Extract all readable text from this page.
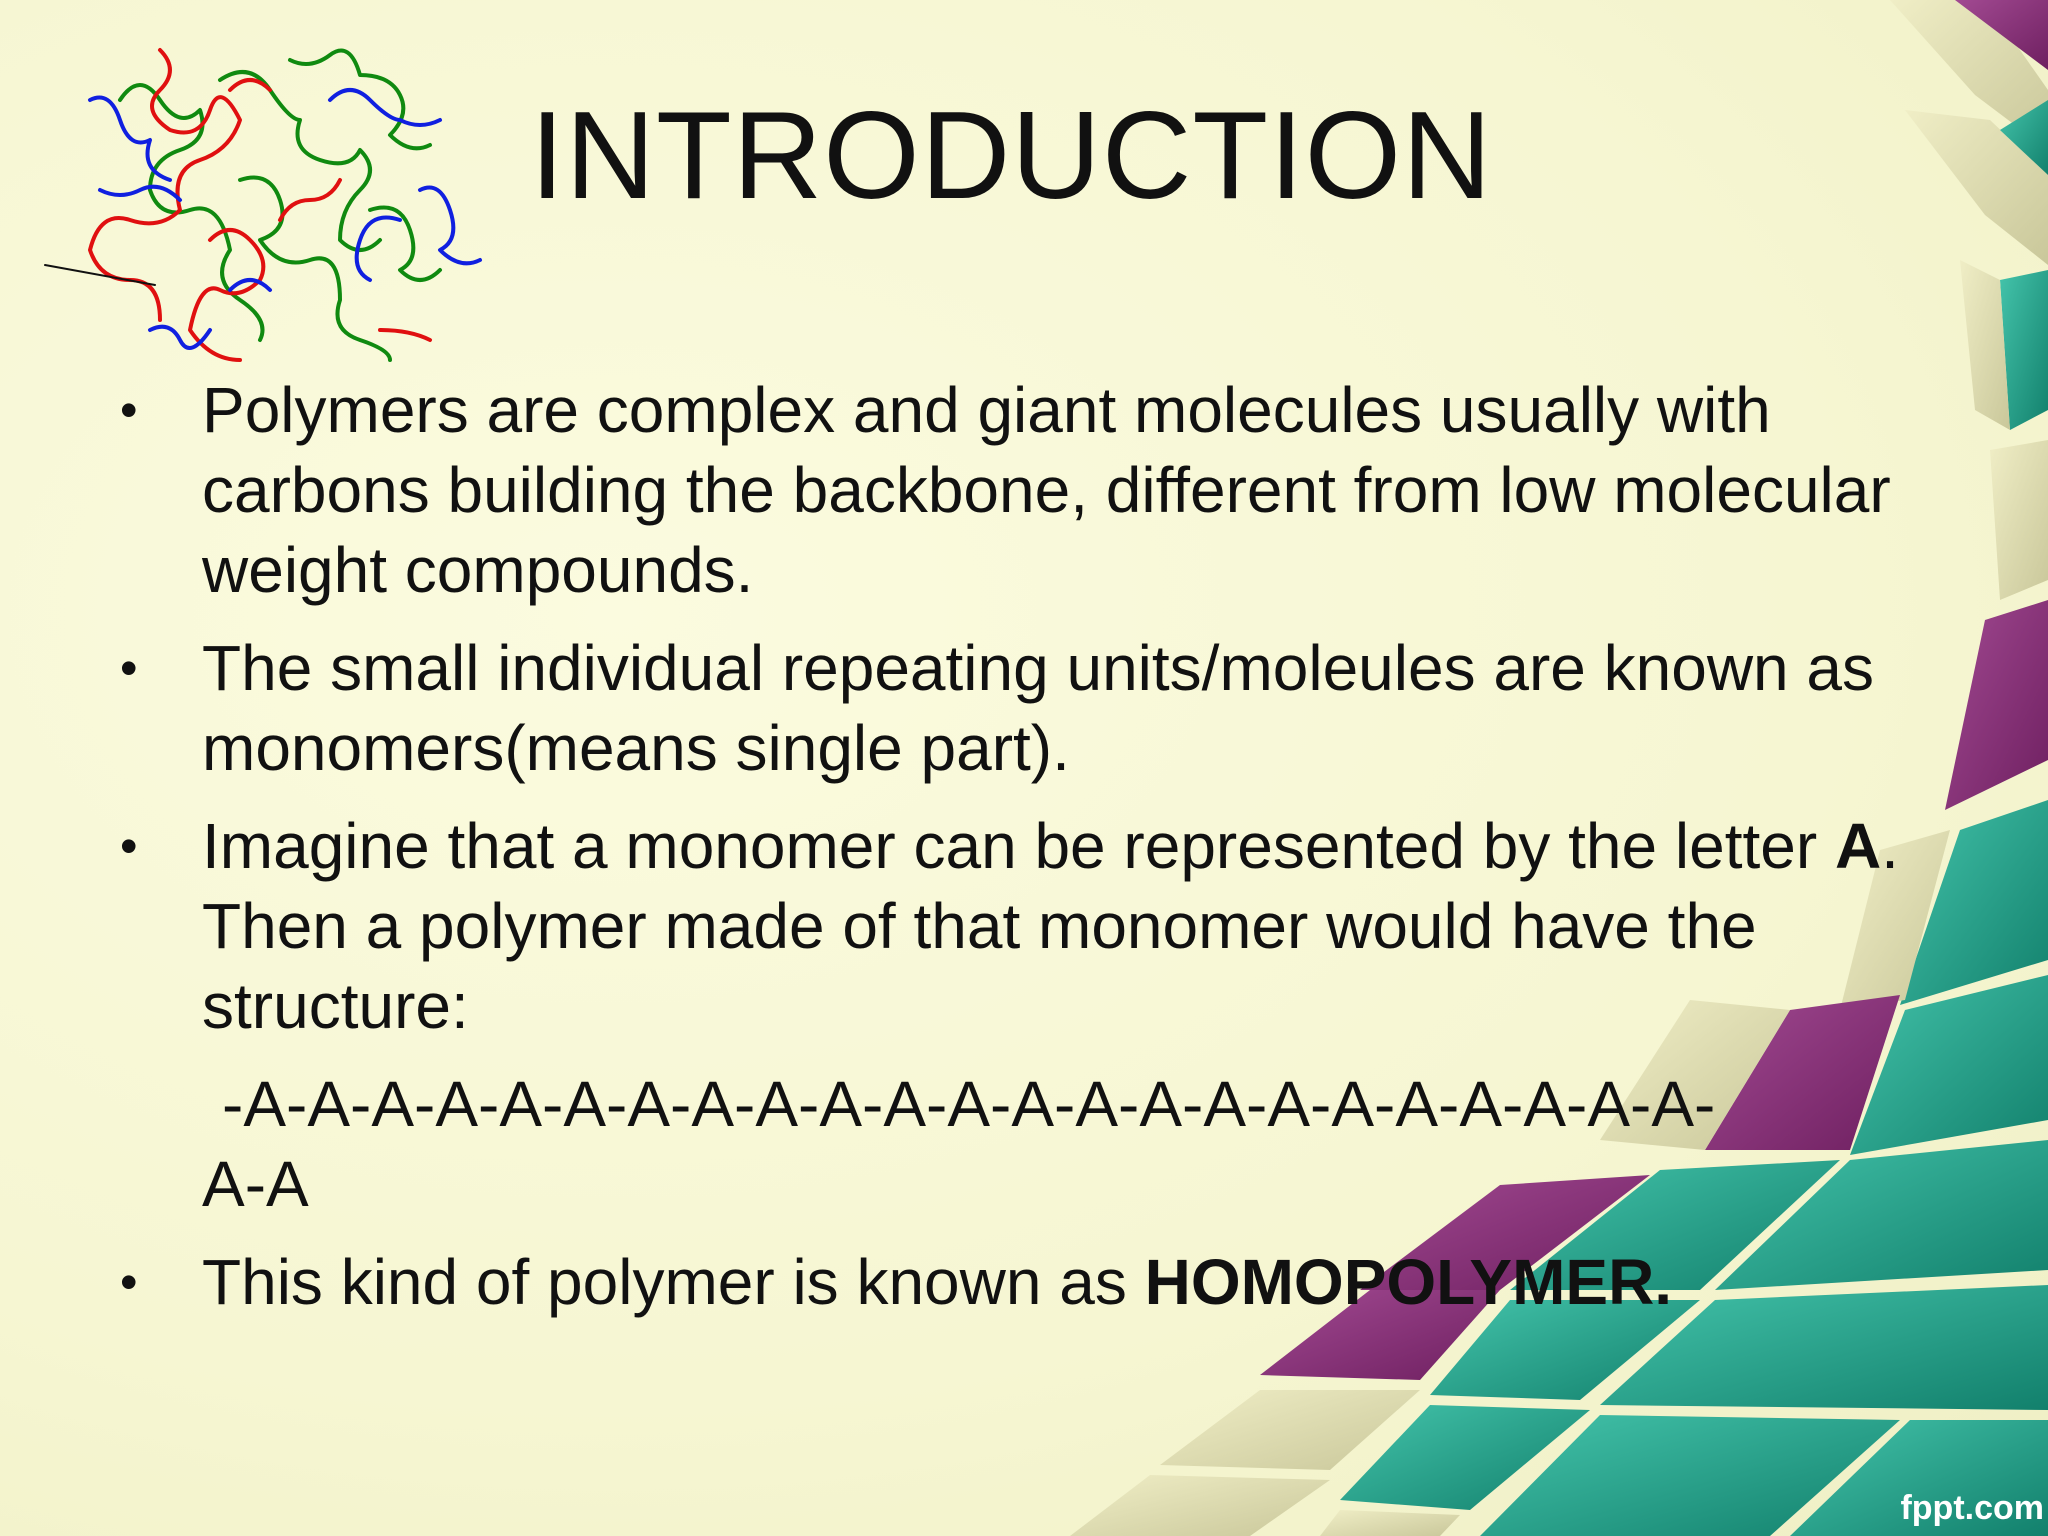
INTRODUCTION
• Polymers are complex and giant molecules usually with carbons building the backbone, different from low molecular weight compounds.
• The small individual repeating units/moleules are known as monomers(means single part).
• Imagine that a monomer can be represented by the letter A. Then a polymer made of that monomer would have the structure:
-A-A-A-A-A-A-A-A-A-A-A-A-A-A-A-A-A-A-A-A-A-A-A-
A-A
• This kind of polymer is known as HOMOPOLYMER.
fppt.com
